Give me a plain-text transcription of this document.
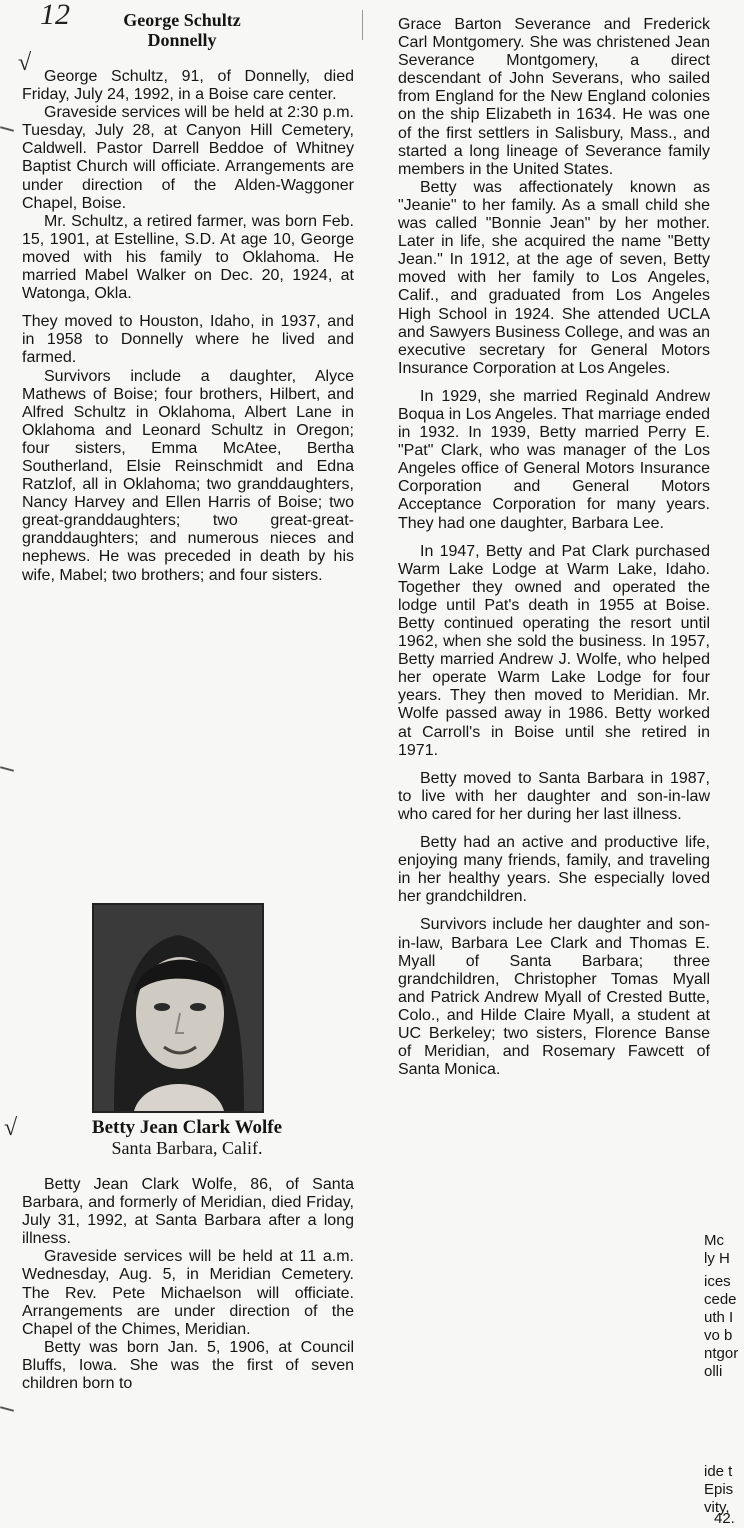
12
√
√
George Schultz
Donnelly

George Schultz, 91, of Donnelly, died Friday, July 24, 1992, in a Boise care center.

Graveside services will be held at 2:30 p.m. Tuesday, July 28, at Canyon Hill Cemetery, Caldwell. Pastor Darrell Beddoe of Whitney Baptist Church will officiate. Arrangements are under direction of the Alden-Waggoner Chapel, Boise.

Mr. Schultz, a retired farmer, was born Feb. 15, 1901, at Estelline, S.D. At age 10, George moved with his family to Oklahoma. He married Mabel Walker on Dec. 20, 1924, at Watonga, Okla.

They moved to Houston, Idaho, in 1937, and in 1958 to Donnelly where he lived and farmed.

Survivors include a daughter, Alyce Mathews of Boise; four brothers, Hilbert, and Alfred Schultz in Oklahoma, Albert Lane in Oklahoma and Leonard Schultz in Oregon; four sisters, Emma McAtee, Bertha Southerland, Elsie Reinschmidt and Edna Ratzlof, all in Oklahoma; two granddaughters, Nancy Harvey and Ellen Harris of Boise; two great-granddaughters; two great-great-granddaughters; and numerous nieces and nephews. He was preceded in death by his wife, Mabel; two brothers; and four sisters.

Betty Jean Clark Wolfe
Santa Barbara, Calif.

Betty Jean Clark Wolfe, 86, of Santa Barbara, and formerly of Meridian, died Friday, July 31, 1992, at Santa Barbara after a long illness.

Graveside services will be held at 11 a.m. Wednesday, Aug. 5, in Meridian Cemetery. The Rev. Pete Michaelson will officiate. Arrangements are under direction of the Chapel of the Chimes, Meridian.

Betty was born Jan. 5, 1906, at Council Bluffs, Iowa. She was the first of seven children born to

Grace Barton Severance and Frederick Carl Montgomery. She was christened Jean Severance Montgomery, a direct descendant of John Severans, who sailed from England for the New England colonies on the ship Elizabeth in 1634. He was one of the first settlers in Salisbury, Mass., and started a long lineage of Severance family members in the United States.

Betty was affectionately known as "Jeanie" to her family. As a small child she was called "Bonnie Jean" by her mother. Later in life, she acquired the name "Betty Jean." In 1912, at the age of seven, Betty moved with her family to Los Angeles, Calif., and graduated from Los Angeles High School in 1924. She attended UCLA and Sawyers Business College, and was an executive secretary for General Motors Insurance Corporation at Los Angeles.

In 1929, she married Reginald Andrew Boqua in Los Angeles. That marriage ended in 1932. In 1939, Betty married Perry E. "Pat" Clark, who was manager of the Los Angeles office of General Motors Insurance Corporation and General Motors Acceptance Corporation for many years. They had one daughter, Barbara Lee.

In 1947, Betty and Pat Clark purchased Warm Lake Lodge at Warm Lake, Idaho. Together they owned and operated the lodge until Pat's death in 1955 at Boise. Betty continued operating the resort until 1962, when she sold the business. In 1957, Betty married Andrew J. Wolfe, who helped her operate Warm Lake Lodge for four years. They then moved to Meridian. Mr. Wolfe passed away in 1986. Betty worked at Carroll's in Boise until she retired in 1971.

Betty moved to Santa Barbara in 1987, to live with her daughter and son-in-law who cared for her during her last illness.

Betty had an active and productive life, enjoying many friends, family, and traveling in her healthy years. She especially loved her grandchildren.

Survivors include her daughter and son-in-law, Barbara Lee Clark and Thomas E. Myall of Santa Barbara; three grandchildren, Christopher Tomas Myall and Patrick Andrew Myall of Crested Butte, Colo., and Hilde Claire Myall, a student at UC Berkeley; two sisters, Florence Banse of Meridian, and Rosemary Fawcett of Santa Monica.

Mc
ly H
ices
cede
uth I
vo b
ntgor
olli
ide t
Epis
vity,
42.
